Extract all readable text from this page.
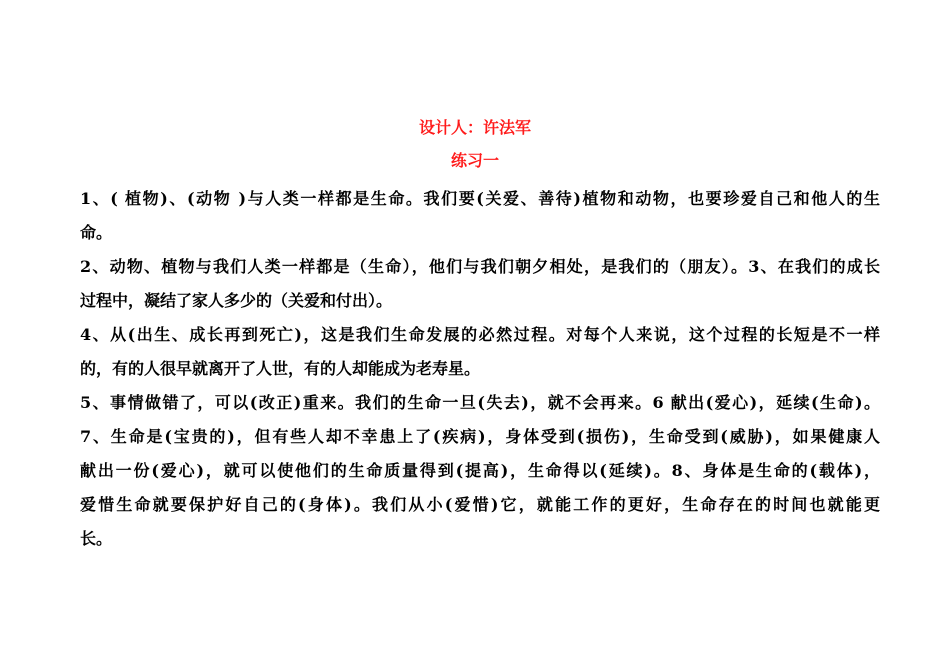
设计人：许法军
练习一
1、( 植物)、(动物 )与人类一样都是生命。我们要(关爱、善待)植物和动物，也要珍爱自己和他人的生
命。
2、动物、植物与我们人类一样都是（生命），他们与我们朝夕相处，是我们的（朋友）。3、在我们的成长
过程中，凝结了家人多少的（关爱和付出）。
4、从(出生、成长再到死亡)，这是我们生命发展的必然过程。对每个人来说，这个过程的长短是不一样
的，有的人很早就离开了人世，有的人却能成为老寿星。
5、事情做错了，可以(改正)重来。我们的生命一旦(失去)，就不会再来。6 献出(爱心)，延续(生命)。
7、生命是(宝贵的)，但有些人却不幸患上了(疾病)，身体受到(损伤)，生命受到(威胁)，如果健康人
献出一份(爱心)，就可以使他们的生命质量得到(提高)，生命得以(延续)。8、身体是生命的(载体)，
爱惜生命就要保护好自己的(身体)。我们从小(爱惜)它，就能工作的更好，生命存在的时间也就能更
长。
